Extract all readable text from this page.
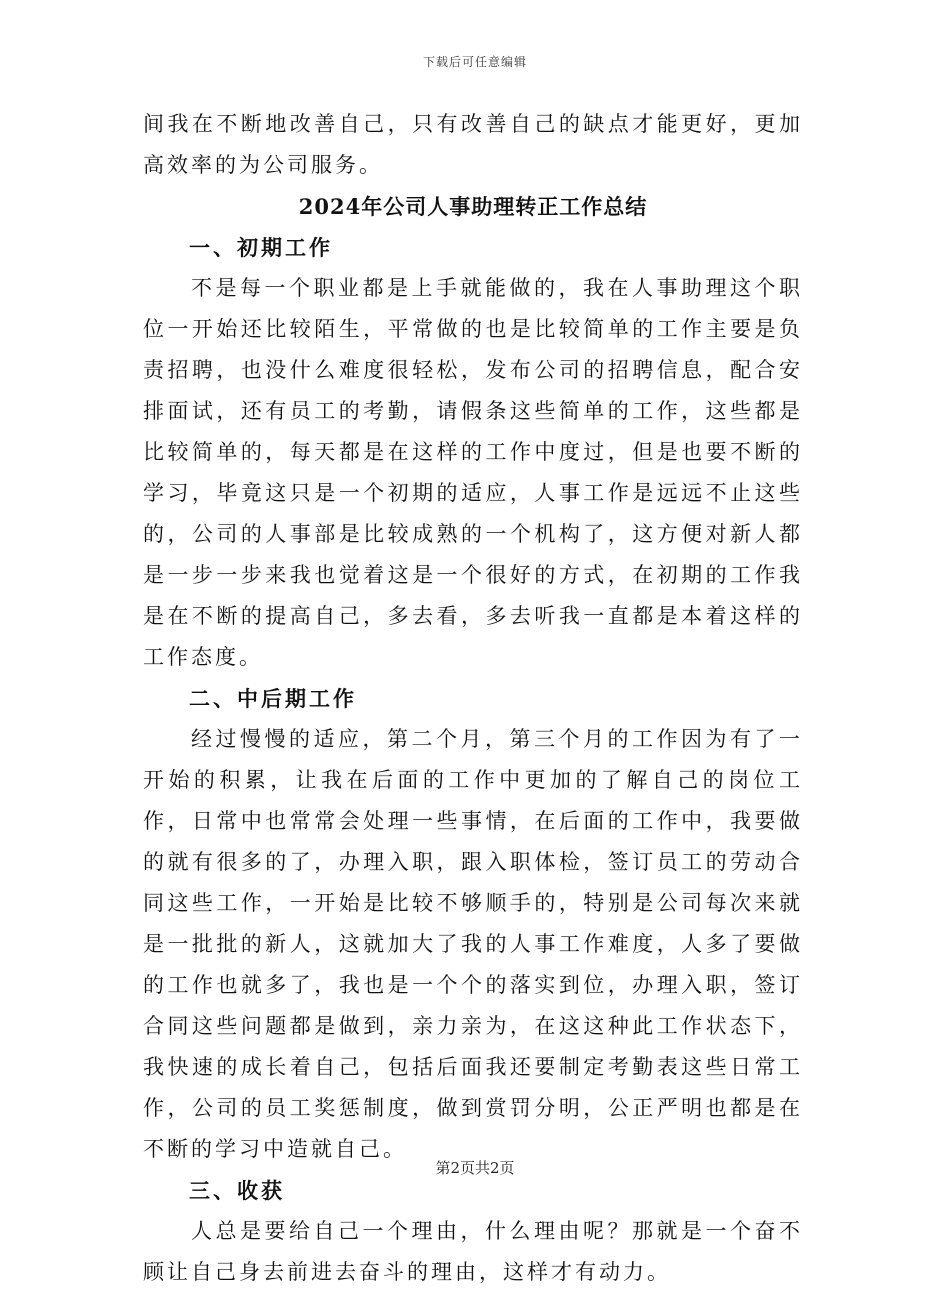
下载后可任意编辑

间我在不断地改善自己，只有改善自己的缺点才能更好，更加高效率的为公司服务。

2024年公司人事助理转正工作总结

一、初期工作

不是每一个职业都是上手就能做的，我在人事助理这个职位一开始还比较陌生，平常做的也是比较简单的工作主要是负责招聘，也没什么难度很轻松，发布公司的招聘信息，配合安排面试，还有员工的考勤，请假条这些简单的工作，这些都是比较简单的，每天都是在这样的工作中度过，但是也要不断的学习，毕竟这只是一个初期的适应，人事工作是远远不止这些的，公司的人事部是比较成熟的一个机构了，这方便对新人都是一步一步来我也觉着这是一个很好的方式，在初期的工作我是在不断的提高自己，多去看，多去听我一直都是本着这样的工作态度。

二、中后期工作

经过慢慢的适应，第二个月，第三个月的工作因为有了一开始的积累，让我在后面的工作中更加的了解自己的岗位工作，日常中也常常会处理一些事情，在后面的工作中，我要做的就有很多的了，办理入职，跟入职体检，签订员工的劳动合同这些工作，一开始是比较不够顺手的，特别是公司每次来就是一批批的新人，这就加大了我的人事工作难度，人多了要做的工作也就多了，我也是一个个的落实到位，办理入职，签订合同这些问题都是做到，亲力亲为，在这这种此工作状态下，我快速的成长着自己，包括后面我还要制定考勤表这些日常工作，公司的员工奖惩制度，做到赏罚分明，公正严明也都是在不断的学习中造就自己。

三、收获

人总是要给自己一个理由，什么理由呢？那就是一个奋不顾让自己身去前进去奋斗的理由，这样才有动力。

第2页共2页
